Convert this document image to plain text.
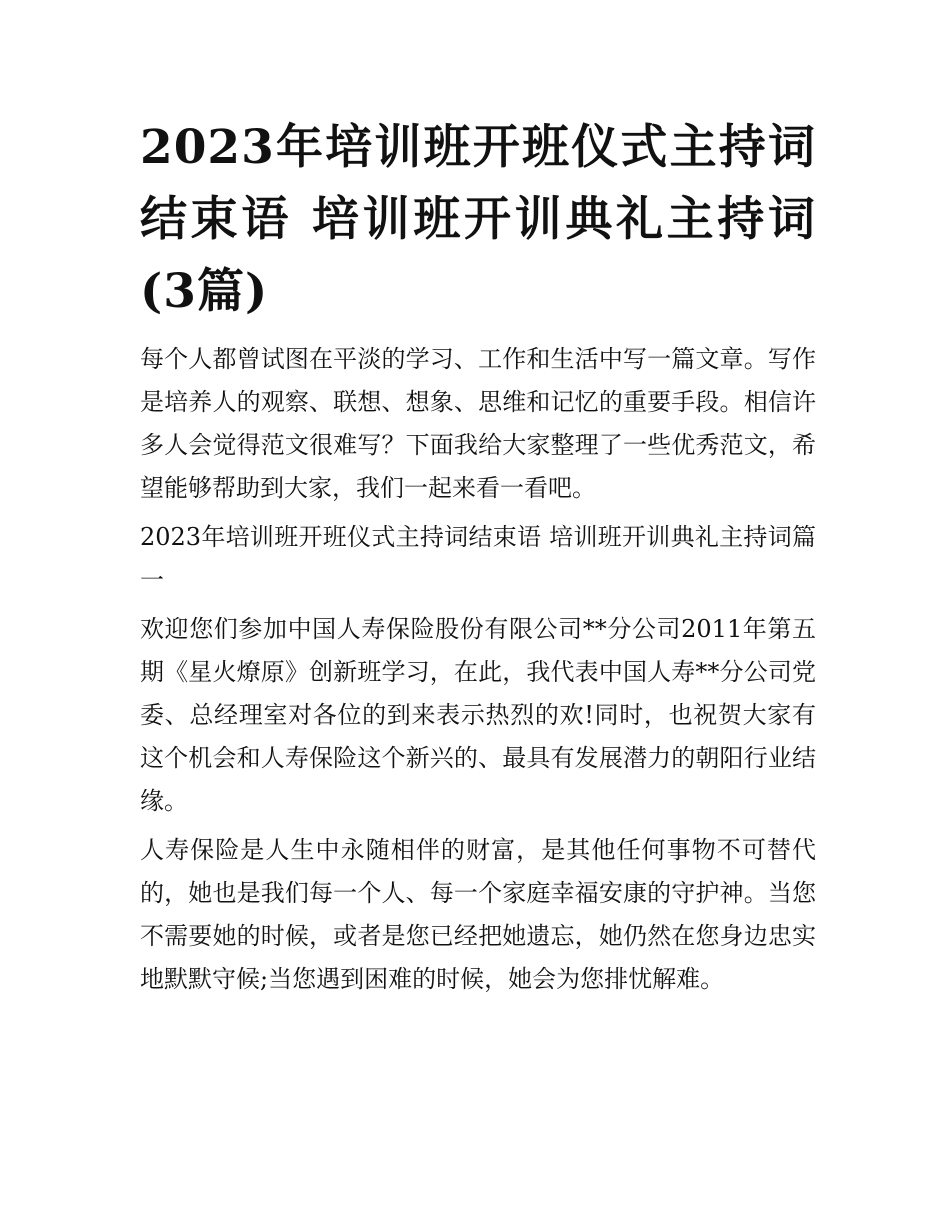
2023年培训班开班仪式主持词结束语 培训班开训典礼主持词(3篇)

每个人都曾试图在平淡的学习、工作和生活中写一篇文章。写作是培养人的观察、联想、想象、思维和记忆的重要手段。相信许多人会觉得范文很难写？下面我给大家整理了一些优秀范文，希望能够帮助到大家，我们一起来看一看吧。

2023年培训班开班仪式主持词结束语 培训班开训典礼主持词篇一

欢迎您们参加中国人寿保险股份有限公司**分公司2011年第五期《星火燎原》创新班学习，在此，我代表中国人寿**分公司党委、总经理室对各位的到来表示热烈的欢!同时，也祝贺大家有这个机会和人寿保险这个新兴的、最具有发展潜力的朝阳行业结缘。

人寿保险是人生中永随相伴的财富，是其他任何事物不可替代的，她也是我们每一个人、每一个家庭幸福安康的守护神。当您不需要她的时候，或者是您已经把她遗忘，她仍然在您身边忠实地默默守候;当您遇到困难的时候，她会为您排忧解难。
